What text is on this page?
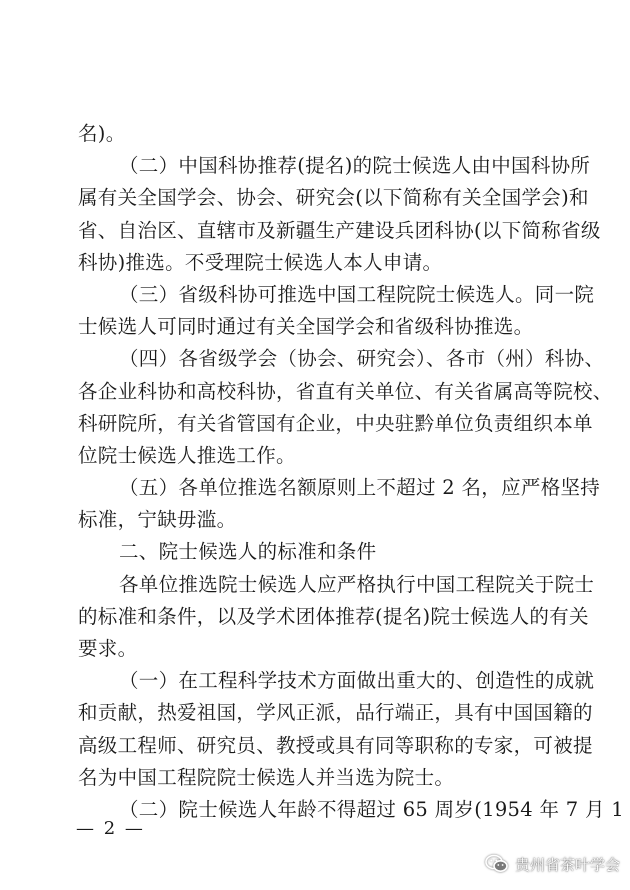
名)。
（二）中国科协推荐(提名)的院士候选人由中国科协所
属有关全国学会、协会、研究会(以下简称有关全国学会)和
省、自治区、直辖市及新疆生产建设兵团科协(以下简称省级
科协)推选。不受理院士候选人本人申请。
（三）省级科协可推选中国工程院院士候选人。同一院
士候选人可同时通过有关全国学会和省级科协推选。
（四）各省级学会（协会、研究会）、各市（州）科协、
各企业科协和高校科协，省直有关单位、有关省属高等院校、
科研院所，有关省管国有企业，中央驻黔单位负责组织本单
位院士候选人推选工作。
（五）各单位推选名额原则上不超过 2 名，应严格坚持
标准，宁缺毋滥。
二、院士候选人的标准和条件
各单位推选院士候选人应严格执行中国工程院关于院士
的标准和条件，以及学术团体推荐(提名)院士候选人的有关
要求。
（一）在工程科学技术方面做出重大的、创造性的成就
和贡献，热爱祖国，学风正派，品行端正，具有中国国籍的
高级工程师、研究员、教授或具有同等职称的专家，可被提
名为中国工程院院士候选人并当选为院士。
（二）院士候选人年龄不得超过 65 周岁(1954 年 7 月 1
— 2 —
贵州省茶叶学会
